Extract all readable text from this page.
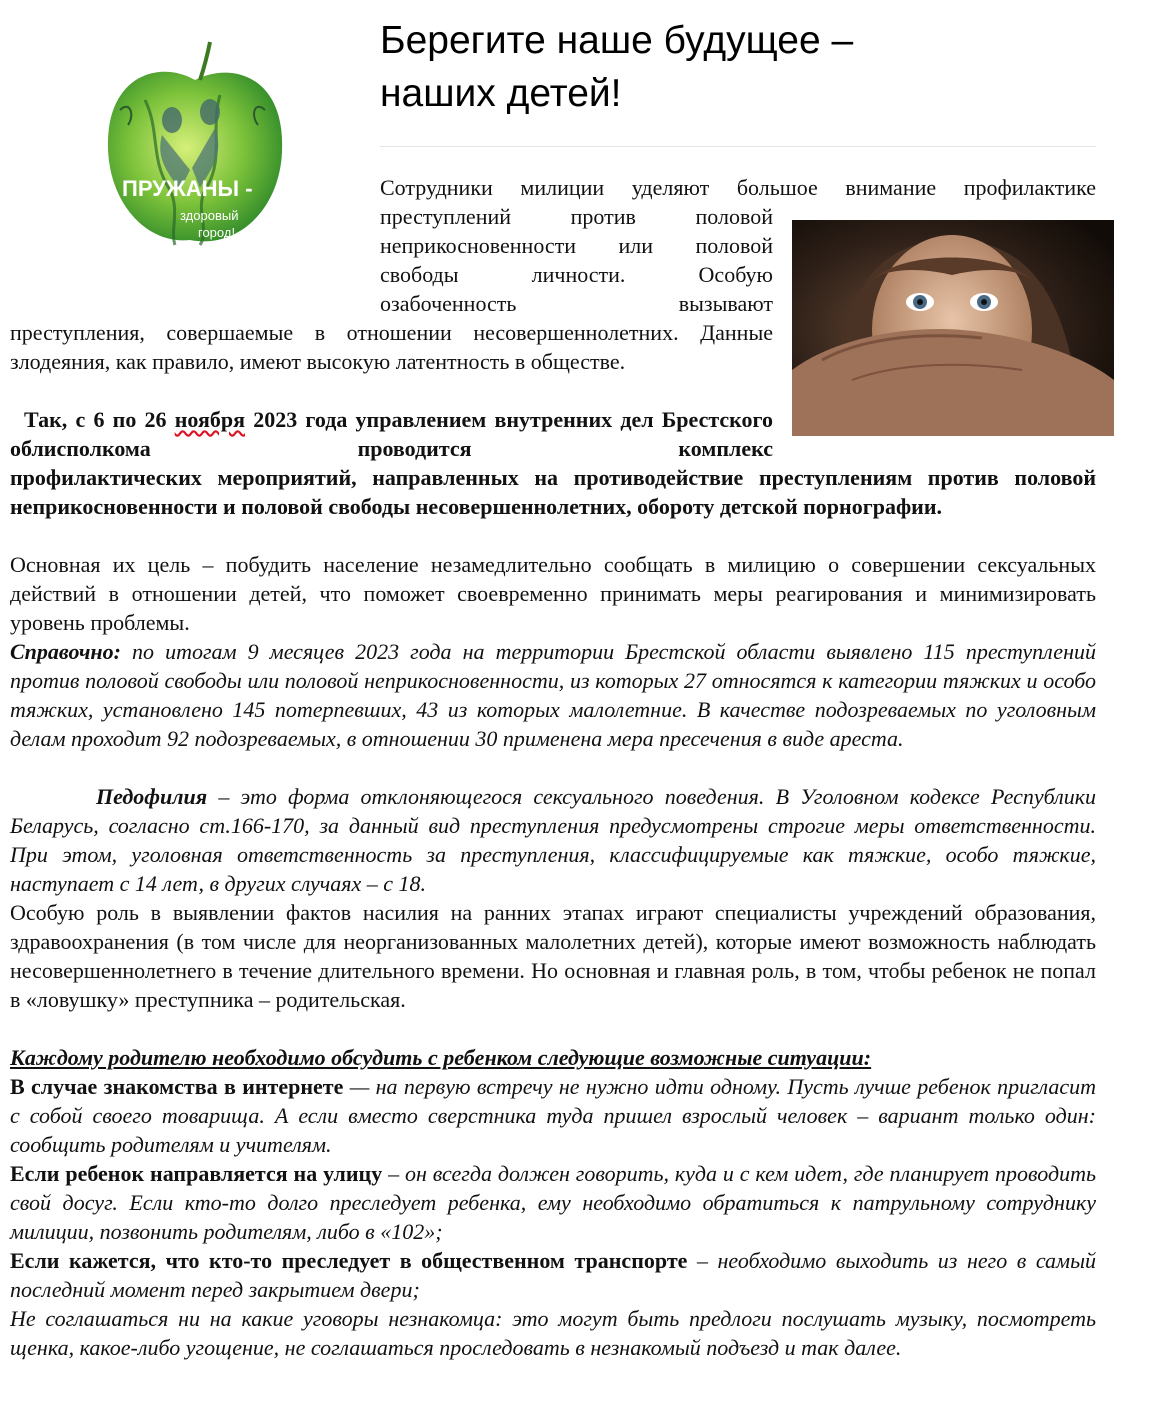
ПРУЖАНЫ -
здоровый
город!
Берегите наше будущее –
наших детей!

Сотрудники милиции уделяют большое внимание профилактике

преступлений против половой

неприкосновенности или половой

свободы личности. Особую

озабоченность вызывают

преступления, совершаемые в отношении несовершеннолетних. Данные злодеяния, как правило, имеют высокую латентность в обществе.

Так, с 6 по 26 ноября 2023 года управлением внутренних дел Брестского облисполкома проводится комплекс

профилактических мероприятий, направленных на противодействие преступлениям против половой неприкосновенности и половой свободы несовершеннолетних, обороту детской порнографии.

Основная их цель – побудить население незамедлительно сообщать в милицию о совершении сексуальных действий в отношении детей, что поможет своевременно принимать меры реагирования и минимизировать уровень проблемы.

Справочно: по итогам 9 месяцев 2023 года на территории Брестской области выявлено 115 преступлений против половой свободы или половой неприкосновенности, из которых 27 относятся к категории тяжких и особо тяжких, установлено 145 потерпевших, 43 из которых малолетние. В качестве подозреваемых по уголовным делам проходит 92 подозреваемых, в отношении 30 применена мера пресечения в виде ареста.

Педофилия – это форма отклоняющегося сексуального поведения. В Уголовном кодексе Республики Беларусь, согласно ст.166-170, за данный вид преступления предусмотрены строгие меры ответственности. При этом, уголовная ответственность за преступления, классифицируемые как тяжкие, особо тяжкие, наступает с 14 лет, в других случаях – с 18.

Особую роль в выявлении фактов насилия на ранних этапах играют специалисты учреждений образования, здравоохранения (в том числе для неорганизованных малолетних детей), которые имеют возможность наблюдать несовершеннолетнего в течение длительного времени. Но основная и главная роль, в том, чтобы ребенок не попал в «ловушку» преступника – родительская.

Каждому родителю необходимо обсудить с ребенком следующие возможные ситуации:

В случае знакомства в интернете — на первую встречу не нужно идти одному. Пусть лучше ребенок пригласит с собой своего товарища. А если вместо сверстника туда пришел взрослый человек – вариант только один: сообщить родителям и учителям.

Если ребенок направляется на улицу – он всегда должен говорить, куда и с кем идет, где планирует проводить свой досуг. Если кто-то долго преследует ребенка, ему необходимо обратиться к патрульному сотруднику милиции, позвонить родителям, либо в «102»;

Если кажется, что кто-то преследует в общественном транспорте – необходимо выходить из него в самый последний момент перед закрытием двери;

Не соглашаться ни на какие уговоры незнакомца: это могут быть предлоги послушать музыку, посмотреть щенка, какое-либо угощение, не соглашаться проследовать в незнакомый подъезд и так далее.
